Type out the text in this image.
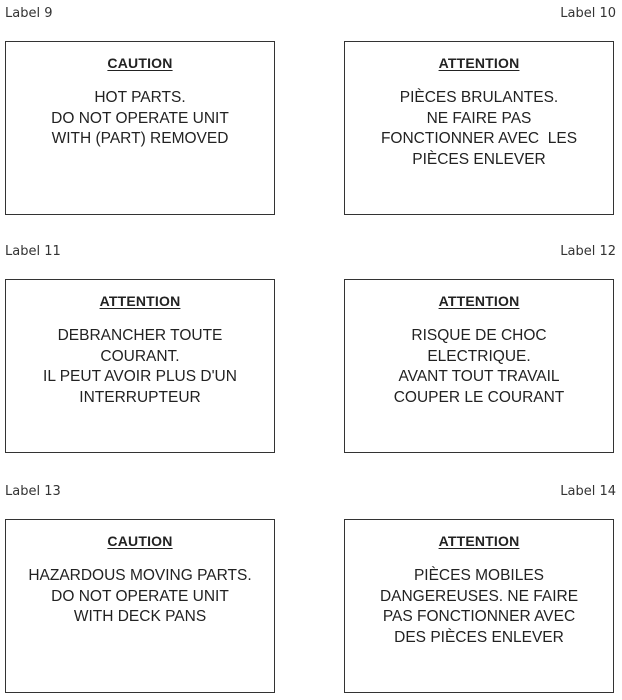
Label 9	Label 10
CAUTION
HOT PARTS.
DO NOT OPERATE UNIT
WITH (PART) REMOVED
ATTENTION
PIÈCES BRULANTES.
NE FAIRE PAS
FONCTIONNER AVEC  LES
PIÈCES ENLEVER
Label 11	Label 12
ATTENTION
DEBRANCHER TOUTE
COURANT.
IL PEUT AVOIR PLUS D'UN
INTERRUPTEUR
ATTENTION
RISQUE DE CHOC
ELECTRIQUE.
AVANT TOUT TRAVAIL
COUPER LE COURANT
Label 13	Label 14
CAUTION
HAZARDOUS MOVING PARTS.
DO NOT OPERATE UNIT
WITH DECK PANS
ATTENTION
PIÈCES MOBILES
DANGEREUSES. NE FAIRE
PAS FONCTIONNER AVEC
DES PIÈCES ENLEVER
